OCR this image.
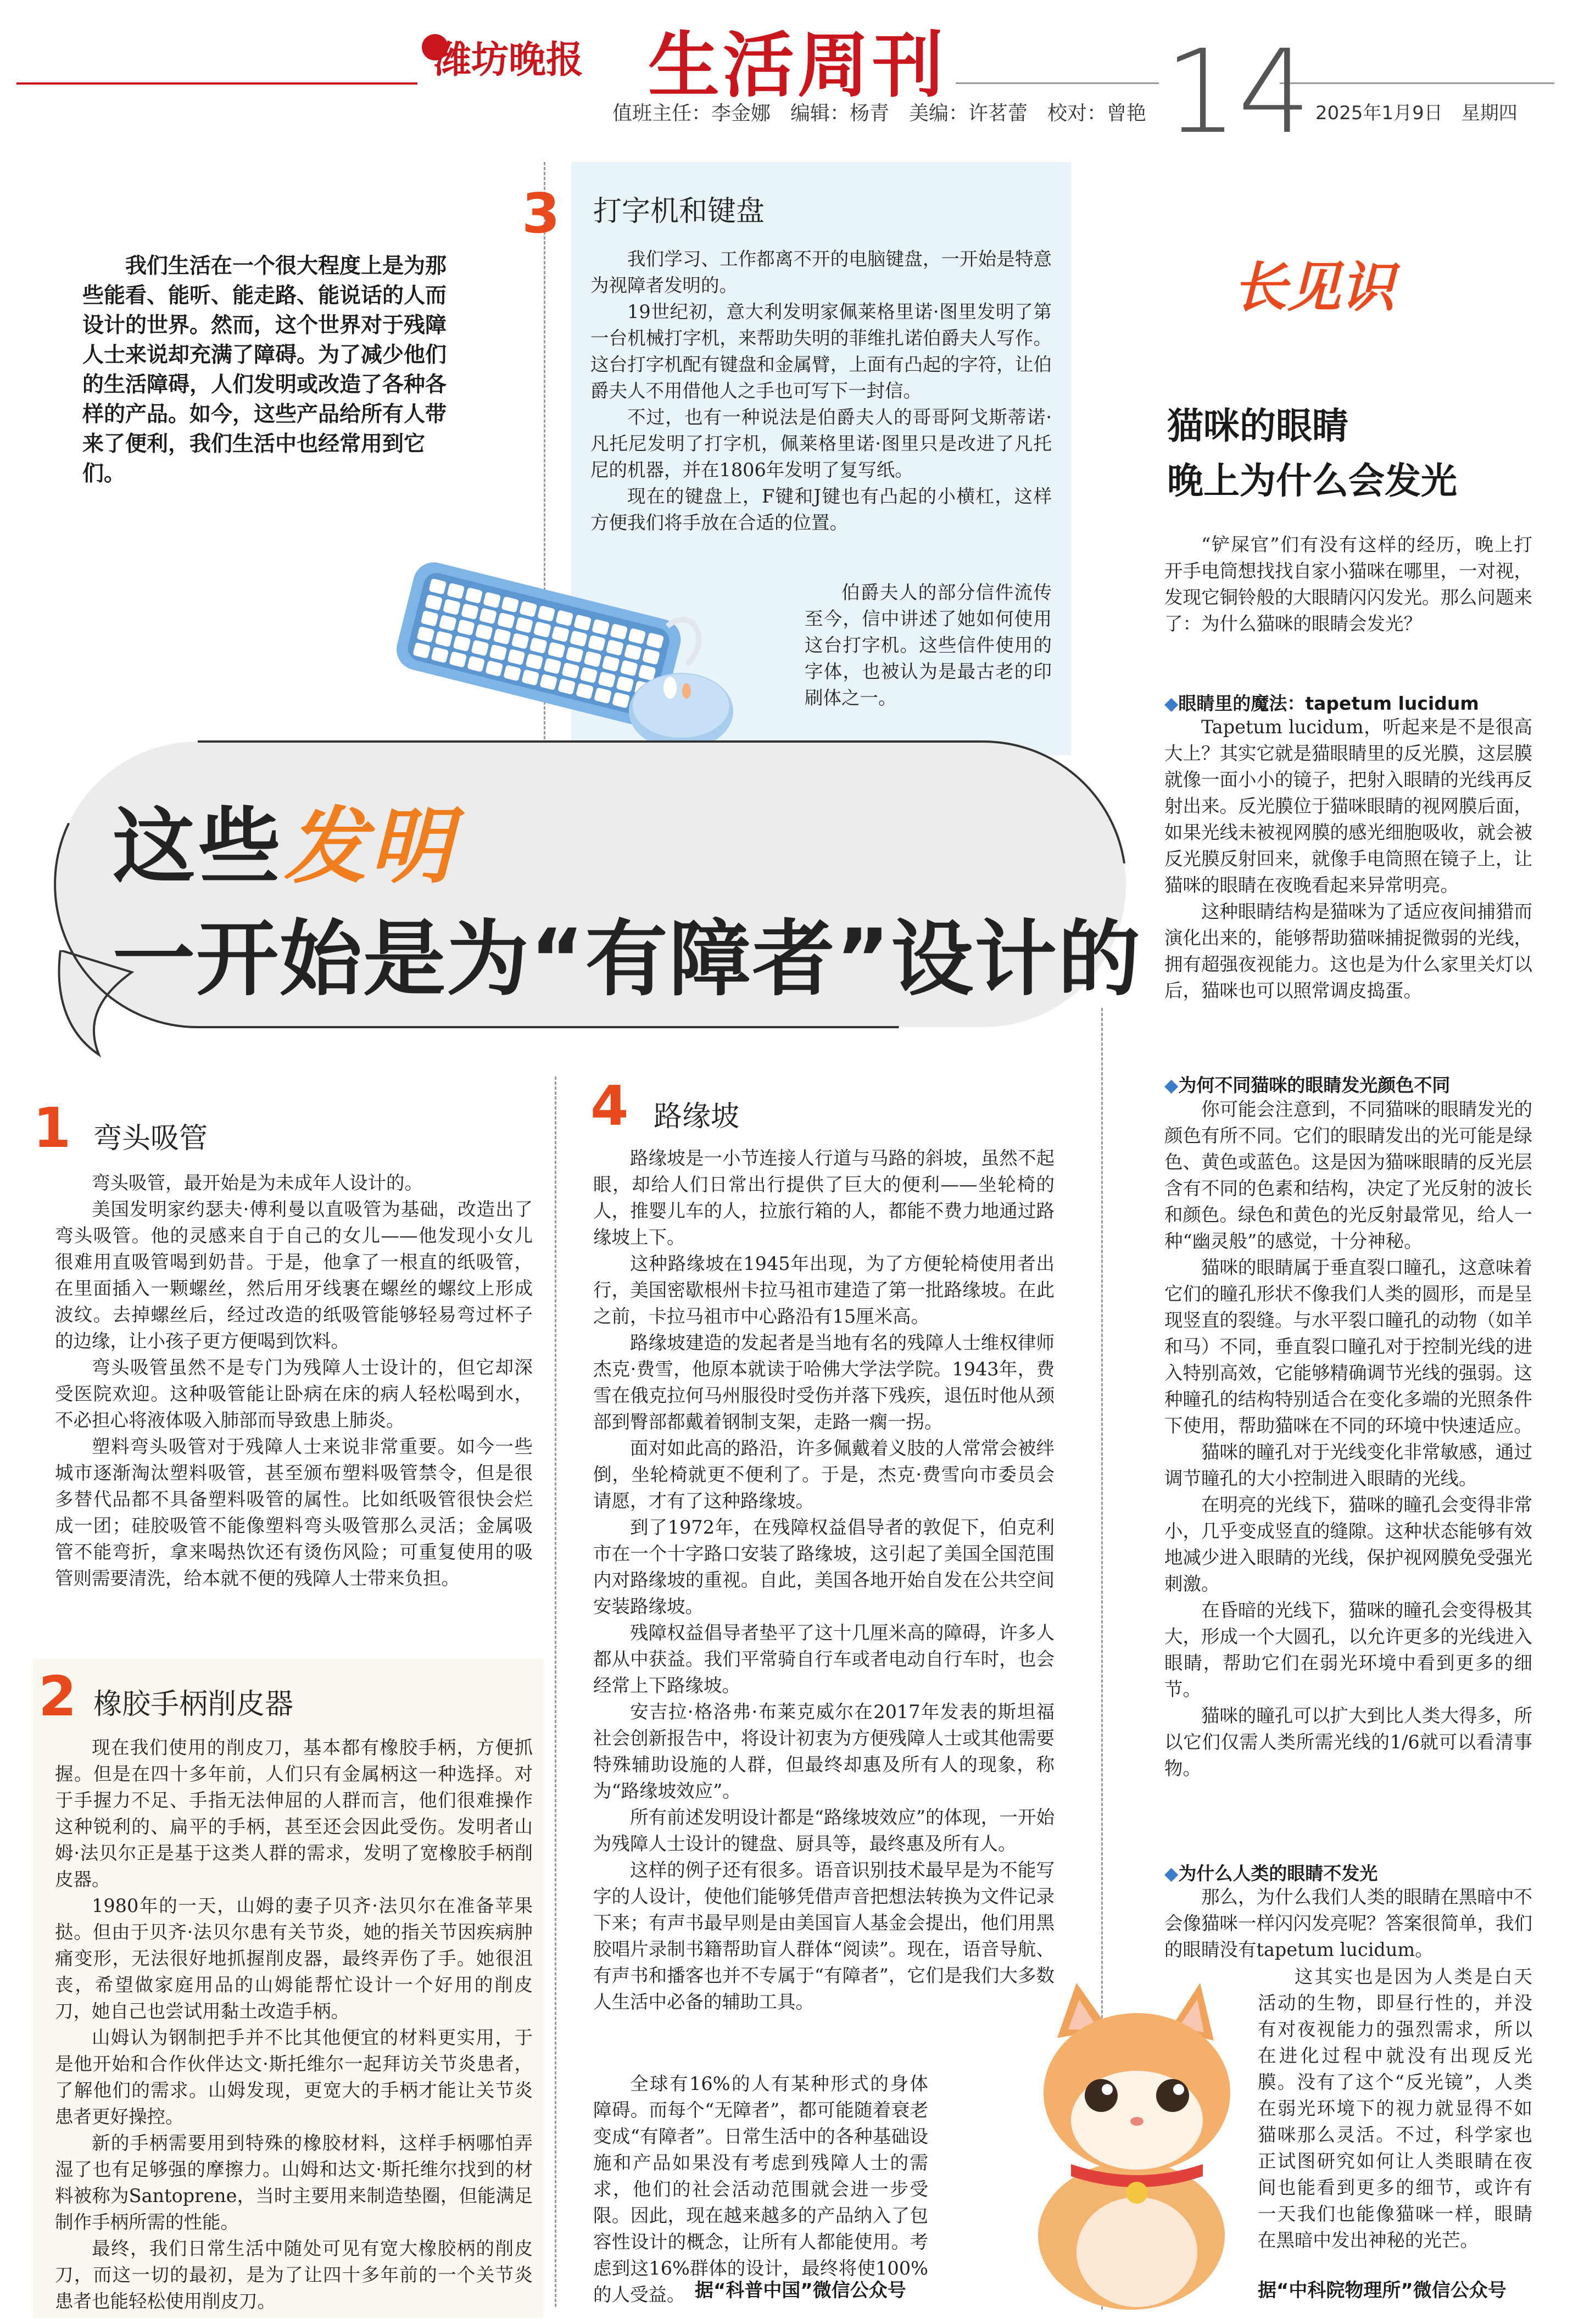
潍坊晚报 生活周刊
值班主任：李金娜　编辑：杨青　美编：许茗蕾　校对：曾艳 14 2025年1月9日　星期四
我们生活在一个很大程度上是为那些能看、能听、能走路、能说话的人而设计的世界。然而，这个世界对于残障人士来说却充满了障碍。为了减少他们的生活障碍，人们发明或改造了各种各样的产品。如今，这些产品给所有人带来了便利，我们生活中也经常用到它们。
3 打字机和键盘

我们学习、工作都离不开的电脑键盘，一开始是特意为视障者发明的。

19世纪初，意大利发明家佩莱格里诺·图里发明了第一台机械打字机，来帮助失明的菲维扎诺伯爵夫人写作。这台打字机配有键盘和金属臂，上面有凸起的字符，让伯爵夫人不用借他人之手也可写下一封信。

不过，也有一种说法是伯爵夫人的哥哥阿戈斯蒂诺·凡托尼发明了打字机，佩莱格里诺·图里只是改进了凡托尼的机器，并在1806年发明了复写纸。

现在的键盘上，F键和J键也有凸起的小横杠，这样方便我们将手放在合适的位置。

伯爵夫人的部分信件流传至今，信中讲述了她如何使用这台打字机。这些信件使用的字体，也被认为是最古老的印刷体之一。

这些发明
一开始是为“有障者”设计的
1 弯头吸管

弯头吸管，最开始是为未成年人设计的。

美国发明家约瑟夫·傅利曼以直吸管为基础，改造出了弯头吸管。他的灵感来自于自己的女儿——他发现小女儿很难用直吸管喝到奶昔。于是，他拿了一根直的纸吸管，在里面插入一颗螺丝，然后用牙线裹在螺丝的螺纹上形成波纹。去掉螺丝后，经过改造的纸吸管能够轻易弯过杯子的边缘，让小孩子更方便喝到饮料。

弯头吸管虽然不是专门为残障人士设计的，但它却深受医院欢迎。这种吸管能让卧病在床的病人轻松喝到水，不必担心将液体吸入肺部而导致患上肺炎。

塑料弯头吸管对于残障人士来说非常重要。如今一些城市逐渐淘汰塑料吸管，甚至颁布塑料吸管禁令，但是很多替代品都不具备塑料吸管的属性。比如纸吸管很快会烂成一团；硅胶吸管不能像塑料弯头吸管那么灵活；金属吸管不能弯折，拿来喝热饮还有烫伤风险；可重复使用的吸管则需要清洗，给本就不便的残障人士带来负担。

2 橡胶手柄削皮器

现在我们使用的削皮刀，基本都有橡胶手柄，方便抓握。但是在四十多年前，人们只有金属柄这一种选择。对于手握力不足、手指无法伸屈的人群而言，他们很难操作这种锐利的、扁平的手柄，甚至还会因此受伤。发明者山姆·法贝尔正是基于这类人群的需求，发明了宽橡胶手柄削皮器。

1980年的一天，山姆的妻子贝齐·法贝尔在准备苹果挞。但由于贝齐·法贝尔患有关节炎，她的指关节因疾病肿痛变形，无法很好地抓握削皮器，最终弄伤了手。她很沮丧，希望做家庭用品的山姆能帮忙设计一个好用的削皮刀，她自己也尝试用黏土改造手柄。

山姆认为钢制把手并不比其他便宜的材料更实用，于是他开始和合作伙伴达文·斯托维尔一起拜访关节炎患者，了解他们的需求。山姆发现，更宽大的手柄才能让关节炎患者更好操控。

新的手柄需要用到特殊的橡胶材料，这样手柄哪怕弄湿了也有足够强的摩擦力。山姆和达文·斯托维尔找到的材料被称为Santoprene，当时主要用来制造垫圈，但能满足制作手柄所需的性能。

最终，我们日常生活中随处可见有宽大橡胶柄的削皮刀，而这一切的最初，是为了让四十多年前的一个关节炎患者也能轻松使用削皮刀。

4 路缘坡

路缘坡是一小节连接人行道与马路的斜坡，虽然不起眼，却给人们日常出行提供了巨大的便利——坐轮椅的人，推婴儿车的人，拉旅行箱的人，都能不费力地通过路缘坡上下。

这种路缘坡在1945年出现，为了方便轮椅使用者出行，美国密歇根州卡拉马祖市建造了第一批路缘坡。在此之前，卡拉马祖市中心路沿有15厘米高。

路缘坡建造的发起者是当地有名的残障人士维权律师杰克·费雪，他原本就读于哈佛大学法学院。1943年，费雪在俄克拉何马州服役时受伤并落下残疾，退伍时他从颈部到臀部都戴着钢制支架，走路一瘸一拐。

面对如此高的路沿，许多佩戴着义肢的人常常会被绊倒，坐轮椅就更不便利了。于是，杰克·费雪向市委员会请愿，才有了这种路缘坡。

到了1972年，在残障权益倡导者的敦促下，伯克利市在一个十字路口安装了路缘坡，这引起了美国全国范围内对路缘坡的重视。自此，美国各地开始自发在公共空间安装路缘坡。

残障权益倡导者垫平了这十几厘米高的障碍，许多人都从中获益。我们平常骑自行车或者电动自行车时，也会经常上下路缘坡。

安吉拉·格洛弗·布莱克威尔在2017年发表的斯坦福社会创新报告中，将设计初衷为方便残障人士或其他需要特殊辅助设施的人群，但最终却惠及所有人的现象，称为“路缘坡效应”。

所有前述发明设计都是“路缘坡效应”的体现，一开始为残障人士设计的键盘、厨具等，最终惠及所有人。

这样的例子还有很多。语音识别技术最早是为不能写字的人设计，使他们能够凭借声音把想法转换为文件记录下来；有声书最早则是由美国盲人基金会提出，他们用黑胶唱片录制书籍帮助盲人群体“阅读”。现在，语音导航、有声书和播客也并不专属于“有障者”，它们是我们大多数人生活中必备的辅助工具。

全球有16%的人有某种形式的身体障碍。而每个“无障者”，都可能随着衰老变成“有障者”。日常生活中的各种基础设施和产品如果没有考虑到残障人士的需求，他们的社会活动范围就会进一步受限。因此，现在越来越多的产品纳入了包容性设计的概念，让所有人都能使用。考虑到这16%群体的设计，最终将使100%的人受益。 据“科普中国”微信公众号
长见识
猫咪的眼睛
晚上为什么会发光

“铲屎官”们有没有这样的经历，晚上打开手电筒想找找自家小猫咪在哪里，一对视，发现它铜铃般的大眼睛闪闪发光。那么问题来了：为什么猫咪的眼睛会发光？

◆眼睛里的魔法：tapetum lucidum

Tapetum lucidum，听起来是不是很高大上？其实它就是猫眼睛里的反光膜，这层膜就像一面小小的镜子，把射入眼睛的光线再反射出来。反光膜位于猫咪眼睛的视网膜后面，如果光线未被视网膜的感光细胞吸收，就会被反光膜反射回来，就像手电筒照在镜子上，让猫咪的眼睛在夜晚看起来异常明亮。

这种眼睛结构是猫咪为了适应夜间捕猎而演化出来的，能够帮助猫咪捕捉微弱的光线，拥有超强夜视能力。这也是为什么家里关灯以后，猫咪也可以照常调皮捣蛋。

◆为何不同猫咪的眼睛发光颜色不同

你可能会注意到，不同猫咪的眼睛发光的颜色有所不同。它们的眼睛发出的光可能是绿色、黄色或蓝色。这是因为猫咪眼睛的反光层含有不同的色素和结构，决定了光反射的波长和颜色。绿色和黄色的光反射最常见，给人一种“幽灵般”的感觉，十分神秘。

猫咪的眼睛属于垂直裂口瞳孔，这意味着它们的瞳孔形状不像我们人类的圆形，而是呈现竖直的裂缝。与水平裂口瞳孔的动物（如羊和马）不同，垂直裂口瞳孔对于控制光线的进入特别高效，它能够精确调节光线的强弱。这种瞳孔的结构特别适合在变化多端的光照条件下使用，帮助猫咪在不同的环境中快速适应。

猫咪的瞳孔对于光线变化非常敏感，通过调节瞳孔的大小控制进入眼睛的光线。

在明亮的光线下，猫咪的瞳孔会变得非常小，几乎变成竖直的缝隙。这种状态能够有效地减少进入眼睛的光线，保护视网膜免受强光刺激。

在昏暗的光线下，猫咪的瞳孔会变得极其大，形成一个大圆孔，以允许更多的光线进入眼睛，帮助它们在弱光环境中看到更多的细节。

猫咪的瞳孔可以扩大到比人类大得多，所以它们仅需人类所需光线的1/6就可以看清事物。

◆为什么人类的眼睛不发光

那么，为什么我们人类的眼睛在黑暗中不会像猫咪一样闪闪发亮呢？答案很简单，我们的眼睛没有tapetum lucidum。

这其实也是因为人类是白天活动的生物，即昼行性的，并没有对夜视能力的强烈需求，所以在进化过程中就没有出现反光膜。没有了这个“反光镜”，人类在弱光环境下的视力就显得不如猫咪那么灵活。不过，科学家也正试图研究如何让人类眼睛在夜间也能看到更多的细节，或许有一天我们也能像猫咪一样，眼睛在黑暗中发出神秘的光芒。

据“中科院物理所”微信公众号
